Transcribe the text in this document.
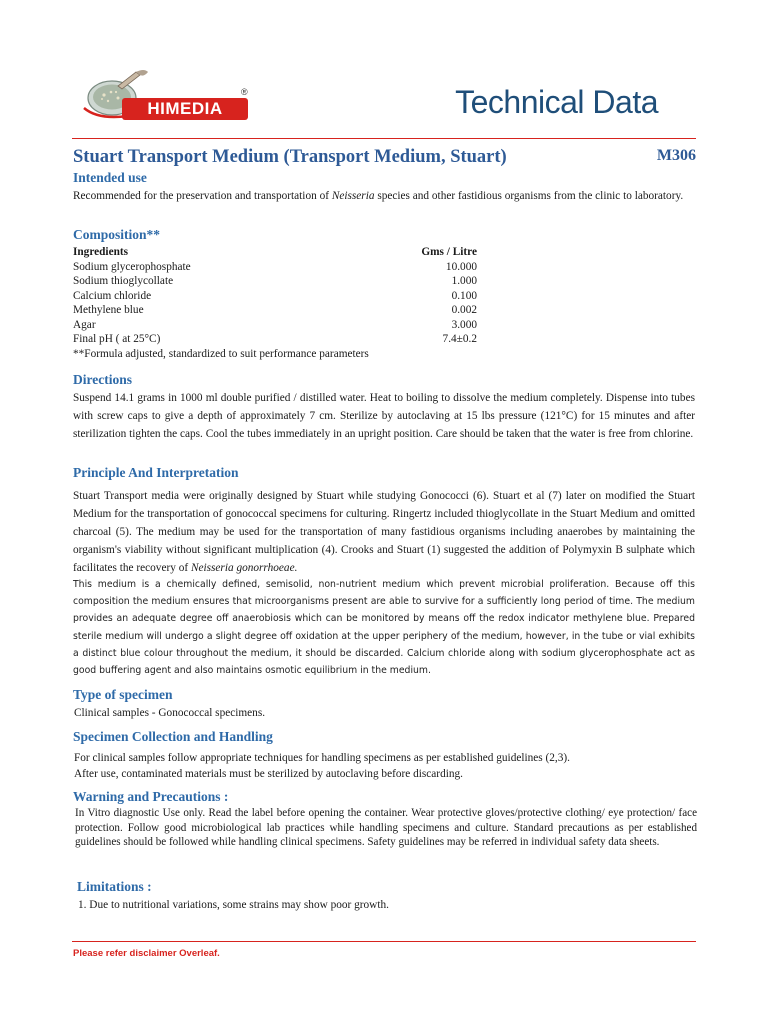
HIMEDIA
®	Technical Data
Stuart Transport Medium (Transport Medium, Stuart)	M306
Intended use
Recommended for the preservation and transportation of Neisseria species and other fastidious organisms from the clinic to laboratory.
Composition**
Ingredients	Gms / Litre
Sodium glycerophosphate	10.000
Sodium thioglycollate	1.000
Calcium chloride	0.100
Methylene blue	0.002
Agar	3.000
Final pH ( at 25°C)	7.4±0.2
**Formula adjusted, standardized to suit performance parameters
Directions
Suspend 14.1 grams in 1000 ml double purified / distilled water. Heat to boiling to dissolve the medium completely. Dispense into tubes with screw caps to give a depth of approximately 7 cm. Sterilize by autoclaving at 15 lbs pressure (121°C) for 15 minutes and after sterilization tighten the caps. Cool the tubes immediately in an upright position. Care should be taken that the water is free from chlorine.
Principle And Interpretation
Stuart Transport media were originally designed by Stuart while studying Gonococci (6). Stuart et al (7) later on modified the Stuart Medium for the transportation of gonococcal specimens for culturing. Ringertz included thioglycollate in the Stuart Medium and omitted charcoal (5). The medium may be used for the transportation of many fastidious organisms including anaerobes by maintaining the organism's viability without significant multiplication (4). Crooks and Stuart (1) suggested the addition of Polymyxin B sulphate which facilitates the recovery of Neisseria gonorrhoeae.
This medium is a chemically defined, semisolid, non-nutrient medium which prevent microbial proliferation. Because off this composition the medium ensures that microorganisms present are able to survive for a sufficiently long period of time. The medium provides an adequate degree off anaerobiosis which can be monitored by means off the redox indicator methylene blue. Prepared sterile medium will undergo a slight degree off oxidation at the upper periphery of the medium, however, in the tube or vial exhibits a distinct blue colour throughout the medium, it should be discarded. Calcium chloride along with sodium glycerophosphate act as good buffering agent and also maintains osmotic equilibrium in the medium.
Type of specimen
Clinical samples - Gonococcal specimens.
Specimen Collection and Handling
For clinical samples follow appropriate techniques for handling specimens as per established guidelines (2,3).
After use, contaminated materials must be sterilized by autoclaving before discarding.
Warning and Precautions :
In Vitro diagnostic Use only. Read the label before opening the container. Wear protective gloves/protective clothing/ eye protection/ face protection. Follow good microbiological lab practices while handling specimens and culture. Standard precautions as per established guidelines should be followed while handling clinical specimens. Safety guidelines may be referred in individual safety data sheets.
Limitations :
1. Due to nutritional variations, some strains may show poor growth.
Please refer disclaimer Overleaf.
